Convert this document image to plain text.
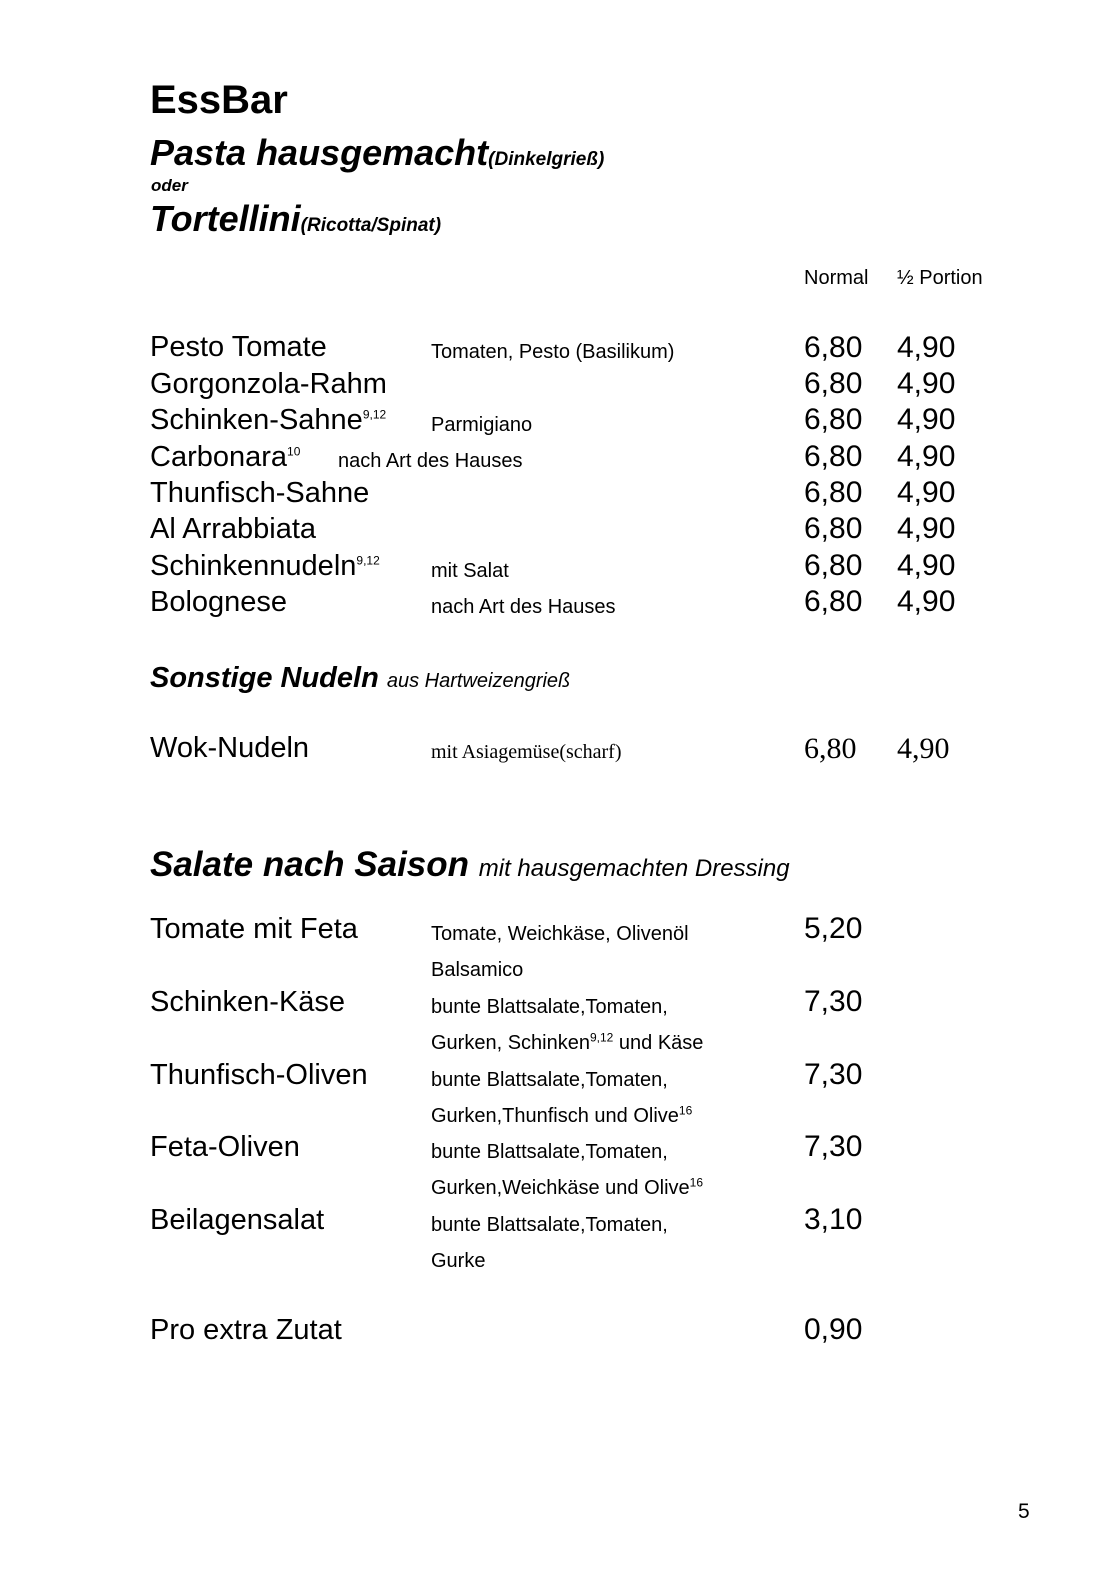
EssBar
Pasta hausgemacht(Dinkelgrieß)
oder
Tortellini(Ricotta/Spinat)
Normal ½ Portion
Pesto Tomate	Tomaten, Pesto (Basilikum)	6,80 4,90
Gorgonzola-Rahm	6,80 4,90
Schinken-Sahne$^{9,12}$ Parmigiano	6,80 4,90
Carbonara$^{10}$ nach Art des Hauses	6,80 4,90
Thunfisch-Sahne	6,80 4,90
Al Arrabbiata	6,80 4,90
Schinkennudeln$^{9,12}$	mit Salat	6,80 4,90
Bolognese	nach Art des Hauses	6,80 4,90
Sonstige Nudeln aus Hartweizengrieß
Wok-Nudeln	mit Asiagemüse(scharf)	6,80 4,90
Salate nach Saison mit hausgemachten Dressing
Tomate mit Feta	Tomate, Weichkäse, Olivenöl
Balsamico
5,20
Schinken-Käse	bunte Blattsalate,Tomaten,
Gurken, Schinken$^{9,12}$ und Käse
7,30
Thunfisch-Oliven	bunte Blattsalate,Tomaten,
Gurken,Thunfisch und Olive$^{16}$
7,30
Feta-Oliven	bunte Blattsalate,Tomaten,
Gurken,Weichkäse und Olive$^{16}$
7,30
Beilagensalat	bunte Blattsalate,Tomaten,
Gurke
3,10
Pro extra Zutat	0,90
5
